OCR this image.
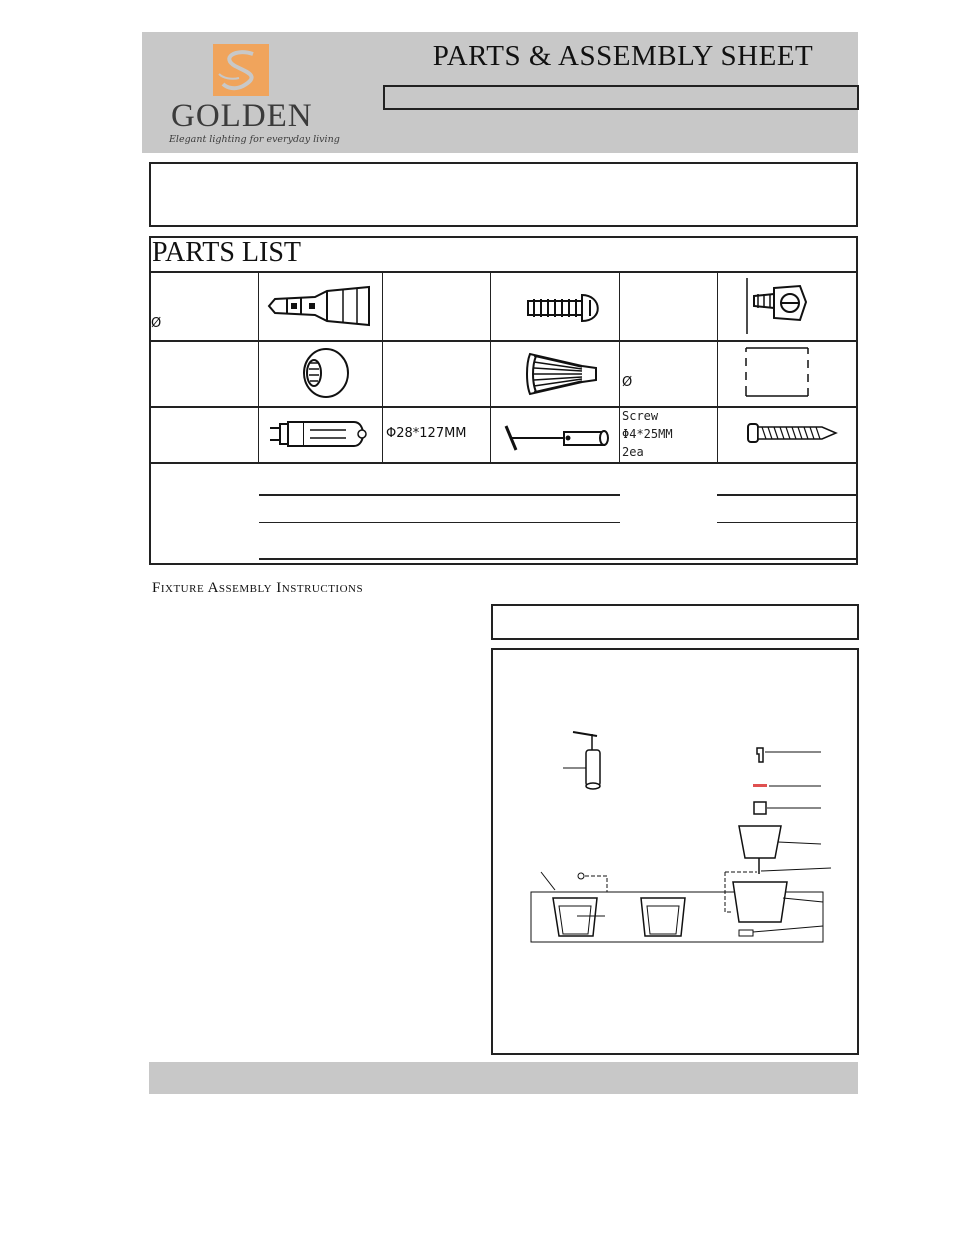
GOLDEN
Elegant lighting for everyday living
PARTS & ASSEMBLY SHEET
PARTS LIST
Ø
Ø
Φ28*127MM
Screw
Φ4*25MM
2ea
Fixture Assembly Instructions
